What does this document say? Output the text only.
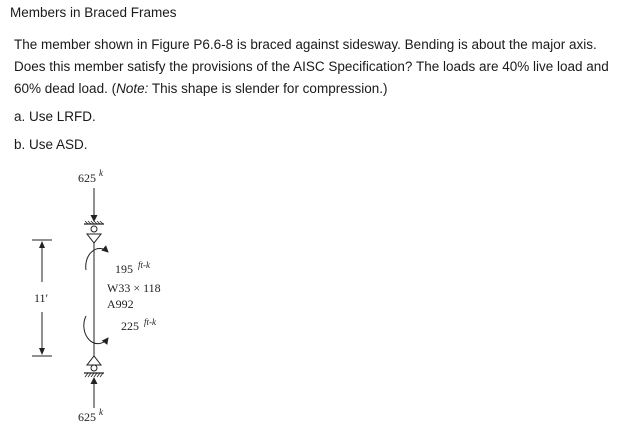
Members in Braced Frames

The member shown in Figure P6.6-8 is braced against sidesway. Bending is about the major axis. Does this member satisfy the provisions of the AISC Specification? The loads are 40% live load and 60% dead load. (Note: This shape is slender for compression.)

a. Use LRFD.
b. Use ASD.
625 k
625 k
195 ft-k
W33 × 118
A992
225 ft-k
11′
